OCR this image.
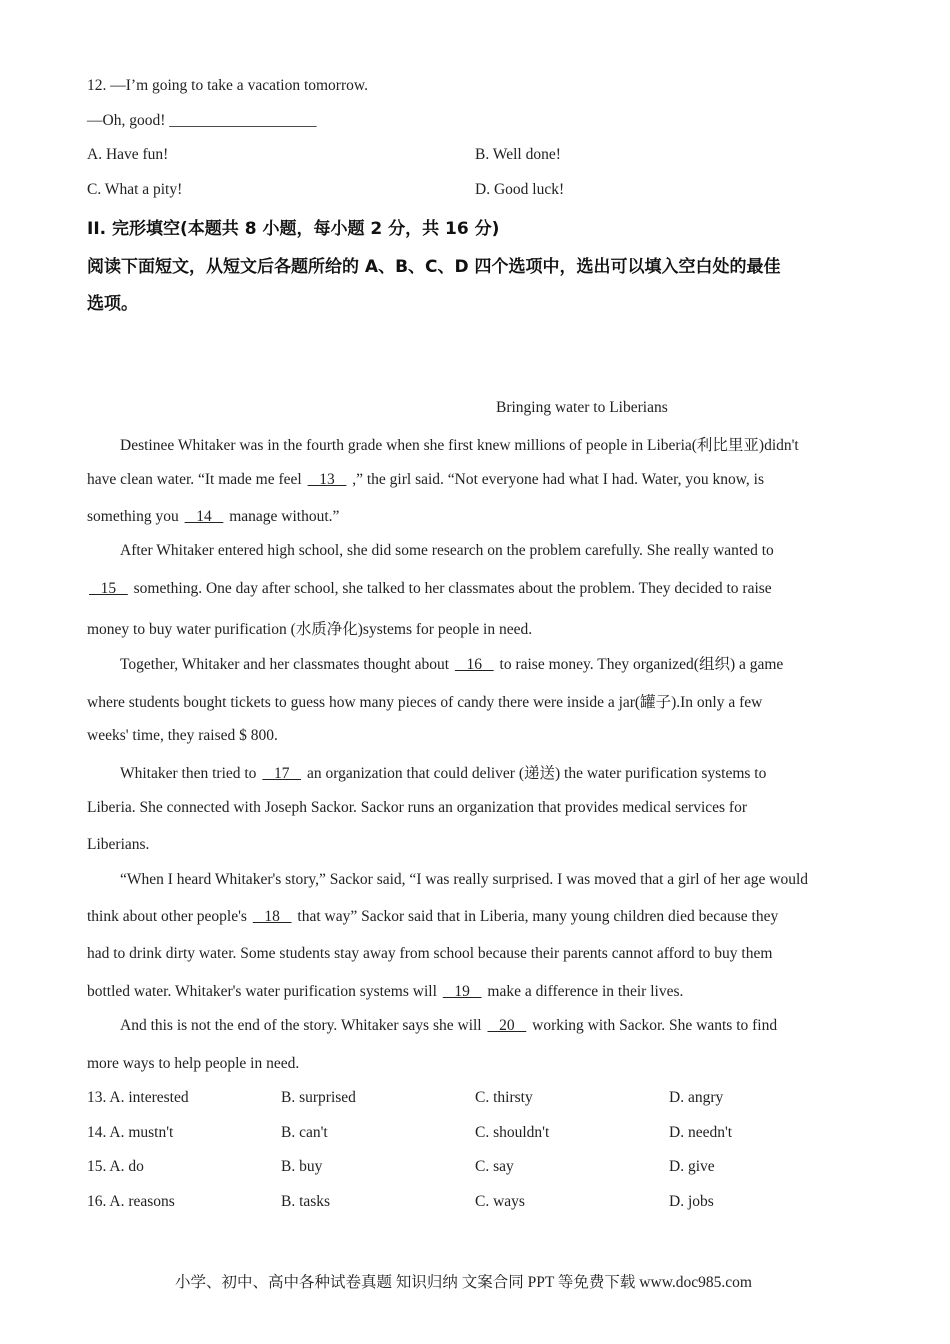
12. —I’m going to take a vacation tomorrow.
—Oh, good! ___________________
A. Have fun!	B. Well done!
C. What a pity!	D. Good luck!
II. 完形填空(本题共 8 小题，每小题 2 分，共 16 分)
阅读下面短文，从短文后各题所给的 A、B、C、D 四个选项中，选出可以填入空白处的最佳
选项。
Bringing water to Liberians
Destinee Whitaker was in the fourth grade when she first knew millions of people in Liberia(利比里亚)didn't
have clean water. “It made me feel    13    ,” the girl said. “Not everyone had what I had. Water, you know, is
something you    14    manage without.”
After Whitaker entered high school, she did some research on the problem carefully. She really wanted to
15    something. One day after school, she talked to her classmates about the problem. They decided to raise
money to buy water purification (水质净化)systems for people in need.
Together, Whitaker and her classmates thought about    16    to raise money. They organized(组织) a game
where students bought tickets to guess how many pieces of candy there were inside a jar(罐子).In only a few
weeks' time, they raised $ 800.
Whitaker then tried to    17    an organization that could deliver (递送) the water purification systems to
Liberia. She connected with Joseph Sackor. Sackor runs an organization that provides medical services for
Liberians.
“When I heard Whitaker's story,” Sackor said, “I was really surprised. I was moved that a girl of her age would
think about other people's    18    that way” Sackor said that in Liberia, many young children died because they
had to drink dirty water. Some students stay away from school because their parents cannot afford to buy them
bottled water. Whitaker's water purification systems will    19    make a difference in their lives.
And this is not the end of the story. Whitaker says she will    20    working with Sackor. She wants to find
more ways to help people in need.
13. A. interested	B. surprised	C. thirsty	D. angry
14. A. mustn't	B. can't	C. shouldn't	D. needn't
15. A. do	B. buy	C. say	D. give
16. A. reasons	B. tasks	C. ways	D. jobs
小学、初中、高中各种试卷真题 知识归纳 文案合同 PPT 等免费下载 www.doc985.com
